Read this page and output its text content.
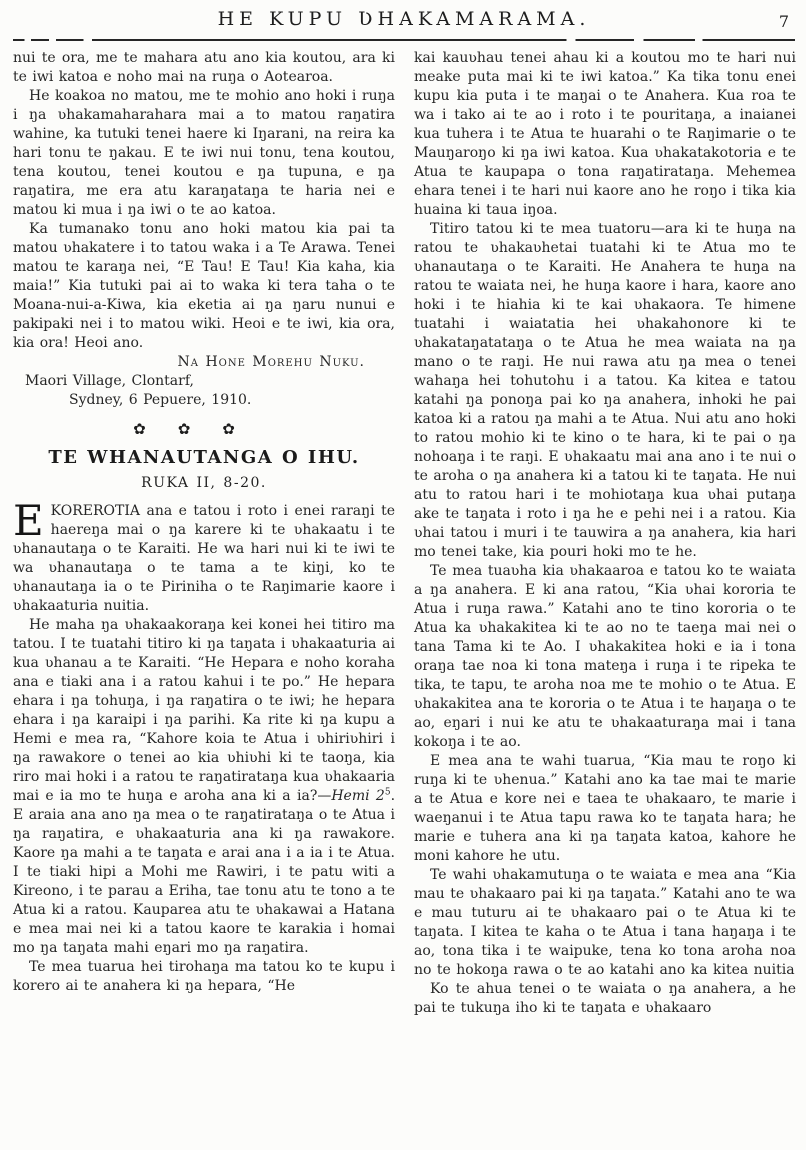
HE KUPU ƲHAKAMARAMA.	7

nui te ora, me te mahara atu ano kia koutou, ara ki te iwi katoa e noho mai na ruŋa o Aotearoa.

He koakoa no matou, me te mohio ano hoki i ruŋa i ŋa ʋhakamaharahara mai a to matou raŋatira wahine, ka tutuki tenei haere ki Iŋarani, na reira ka hari tonu te ŋakau. E te iwi nui tonu, tena koutou, tena koutou, tenei koutou e ŋa tupuna, e ŋa raŋatira, me era atu karaŋataŋa te haria nei e matou ki mua i ŋa iwi o te ao katoa.

Ka tumanako tonu ano hoki matou kia pai ta matou ʋhakatere i to tatou waka i a Te Arawa. Tenei matou te karaŋa nei, “E Tau! E Tau! Kia kaha, kia maia!” Kia tutuki pai ai to waka ki tera taha o te Moana-nui-a-Kiwa, kia eketia ai ŋa ŋaru nunui e pakipaki nei i to matou wiki. Heoi e te iwi, kia ora, kia ora! Heoi ano.

Na Hone Morehu Nuku.

Maori Village, Clontarf,

Sydney, 6 Pepuere, 1910.

✿ ✿ ✿
TE WHANAUTANGA O IHU.
RUKA II, 8-20.

EKOREROTIA ana e tatou i roto i enei raraŋi te haereŋa mai o ŋa karere ki te ʋhakaatu i te ʋhanautaŋa o te Karaiti. He wa hari nui ki te iwi te wa ʋhanautaŋa o te tama a te kiŋi, ko te ʋhanautaŋa ia o te Piriniha o te Raŋimarie kaore i ʋhakaaturia nuitia.

He maha ŋa ʋhakaakoraŋa kei konei hei titiro ma tatou. I te tuatahi titiro ki ŋa taŋata i ʋhakaaturia ai kua ʋhanau a te Karaiti. “He Hepara e noho koraha ana e tiaki ana i a ratou kahui i te po.” He hepara ehara i ŋa tohuŋa, i ŋa raŋatira o te iwi; he hepara ehara i ŋa karaipi i ŋa parihi. Ka rite ki ŋa kupu a Hemi e mea ra, “Kahore koia te Atua i ʋhiriʋhiri i ŋa rawakore o tenei ao kia ʋhiʋhi ki te taoŋa, kia riro mai hoki i a ratou te raŋatirataŋa kua ʋhakaaria mai e ia mo te huŋa e aroha ana ki a ia?—Hemi $2^5$. E araia ana ano ŋa mea o te raŋatirataŋa o te Atua i ŋa raŋatira, e ʋhakaaturia ana ki ŋa rawakore. Kaore ŋa mahi a te taŋata e arai ana i a ia i te Atua. I te tiaki hipi a Mohi me Rawiri, i te patu witi a Kireono, i te parau a Eriha, tae tonu atu te tono a te Atua ki a ratou. Kauparea atu te ʋhakawai a Hatana e mea mai nei ki a tatou kaore te karakia i homai mo ŋa taŋata mahi eŋari mo ŋa raŋatira.

Te mea tuarua hei tirohaŋa ma tatou ko te kupu i korero ai te anahera ki ŋa hepara, “He

kai kauʋhau tenei ahau ki a koutou mo te hari nui meake puta mai ki te iwi katoa.” Ka tika tonu enei kupu kia puta i te maŋai o te Anahera. Kua roa te wa i tako ai te ao i roto i te pouritaŋa, a inaianei kua tuhera i te Atua te huarahi o te Raŋimarie o te Mauŋaroŋo ki ŋa iwi katoa. Kua ʋhakatakotoria e te Atua te kaupapa o tona raŋatirataŋa. Mehemea ehara tenei i te hari nui kaore ano he roŋo i tika kia huaina ki taua iŋoa.

Titiro tatou ki te mea tuatoru—ara ki te huŋa na ratou te ʋhakaʋhetai tuatahi ki te Atua mo te ʋhanautaŋa o te Karaiti. He Anahera te huŋa na ratou te waiata nei, he huŋa kaore i hara, kaore ano hoki i te hiahia ki te kai ʋhakaora. Te himene tuatahi i waiatatia hei ʋhakahonore ki te ʋhakataŋatataŋa o te Atua he mea waiata na ŋa mano o te raŋi. He nui rawa atu ŋa mea o tenei wahaŋa hei tohutohu i a tatou. Ka kitea e tatou katahi ŋa ponoŋa pai ko ŋa anahera, inhoki he pai katoa ki a ratou ŋa mahi a te Atua. Nui atu ano hoki to ratou mohio ki te kino o te hara, ki te pai o ŋa nohoaŋa i te raŋi. E ʋhakaatu mai ana ano i te nui o te aroha o ŋa anahera ki a tatou ki te taŋata. He nui atu to ratou hari i te mohiotaŋa kua ʋhai putaŋa ake te taŋata i roto i ŋa he e pehi nei i a ratou. Kia ʋhai tatou i muri i te tauwira a ŋa anahera, kia hari mo tenei take, kia pouri hoki mo te he.

Te mea tuaʋha kia ʋhakaaroa e tatou ko te waiata a ŋa anahera. E ki ana ratou, “Kia ʋhai kororia te Atua i ruŋa rawa.” Katahi ano te tino kororia o te Atua ka ʋhakakitea ki te ao no te taeŋa mai nei o tana Tama ki te Ao. I ʋhakakitea hoki e ia i tona oraŋa tae noa ki tona mateŋa i ruŋa i te ripeka te tika, te tapu, te aroha noa me te mohio o te Atua. E ʋhakakitea ana te kororia o te Atua i te haŋaŋa o te ao, eŋari i nui ke atu te ʋhakaaturaŋa mai i tana kokoŋa i te ao.

E mea ana te wahi tuarua, “Kia mau te roŋo ki ruŋa ki te ʋhenua.” Katahi ano ka tae mai te marie a te Atua e kore nei e taea te ʋhakaaro, te marie i waeŋanui i te Atua tapu rawa ko te taŋata hara; he marie e tuhera ana ki ŋa taŋata katoa, kahore he moni kahore he utu.

Te wahi ʋhakamutuŋa o te waiata e mea ana “Kia mau te ʋhakaaro pai ki ŋa taŋata.” Katahi ano te wa e mau tuturu ai te ʋhakaaro pai o te Atua ki te taŋata. I kitea te kaha o te Atua i tana haŋaŋa i te ao, tona tika i te waipuke, tena ko tona aroha noa no te hokoŋa rawa o te ao katahi ano ka kitea nuitia

Ko te ahua tenei o te waiata o ŋa anahera, a he pai te tukuŋa iho ki te taŋata e ʋhakaaro
